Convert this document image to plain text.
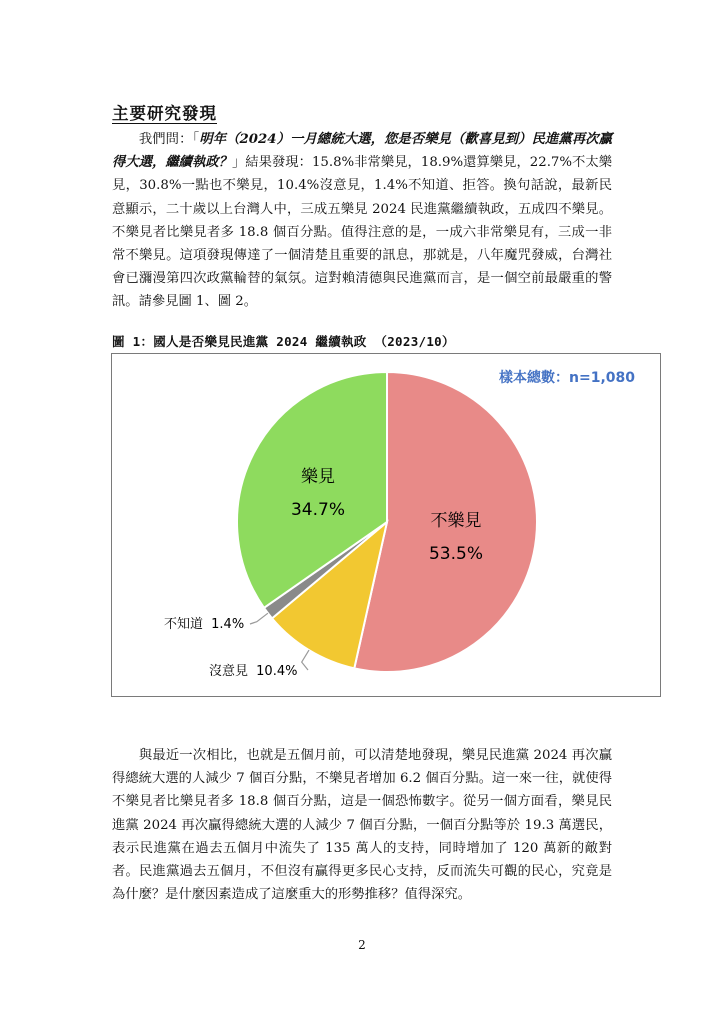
主要研究發現
　　我們問：「明年（2024）一月總統大選，您是否樂見（歡喜見到）民進黨再次贏得大選，繼續執政？」結果發現：15.8%非常樂見，18.9%還算樂見，22.7%不太樂見，30.8%一點也不樂見，10.4%沒意見，1.4%不知道、拒答。換句話說，最新民意顯示，二十歲以上台灣人中，三成五樂見 2024 民進黨繼續執政，五成四不樂見。不樂見者比樂見者多 18.8 個百分點。值得注意的是，一成六非常樂見有，三成一非常不樂見。這項發現傳達了一個清楚且重要的訊息，那就是，八年魔咒發威，台灣社會已瀰漫第四次政黨輪替的氣氛。這對賴清德與民進黨而言，是一個空前最嚴重的警訊。請參見圖 1、圖 2。
圖 1：國人是否樂見民進黨 2024 繼續執政 （2023/10）
樣本總數：n=1,080
不樂見
53.5%
樂見
34.7%
不知道 1.4%
沒意見 10.4%
　　與最近一次相比，也就是五個月前，可以清楚地發現，樂見民進黨 2024 再次贏得總統大選的人減少 7 個百分點，不樂見者增加 6.2 個百分點。這一來一往，就使得不樂見者比樂見者多 18.8 個百分點，這是一個恐怖數字。從另一個方面看，樂見民進黨 2024 再次贏得總統大選的人減少 7 個百分點，一個百分點等於 19.3 萬選民，表示民進黨在過去五個月中流失了 135 萬人的支持，同時增加了 120 萬新的敵對者。民進黨過去五個月，不但沒有贏得更多民心支持，反而流失可觀的民心，究竟是為什麼？是什麼因素造成了這麼重大的形勢推移？值得深究。
2
